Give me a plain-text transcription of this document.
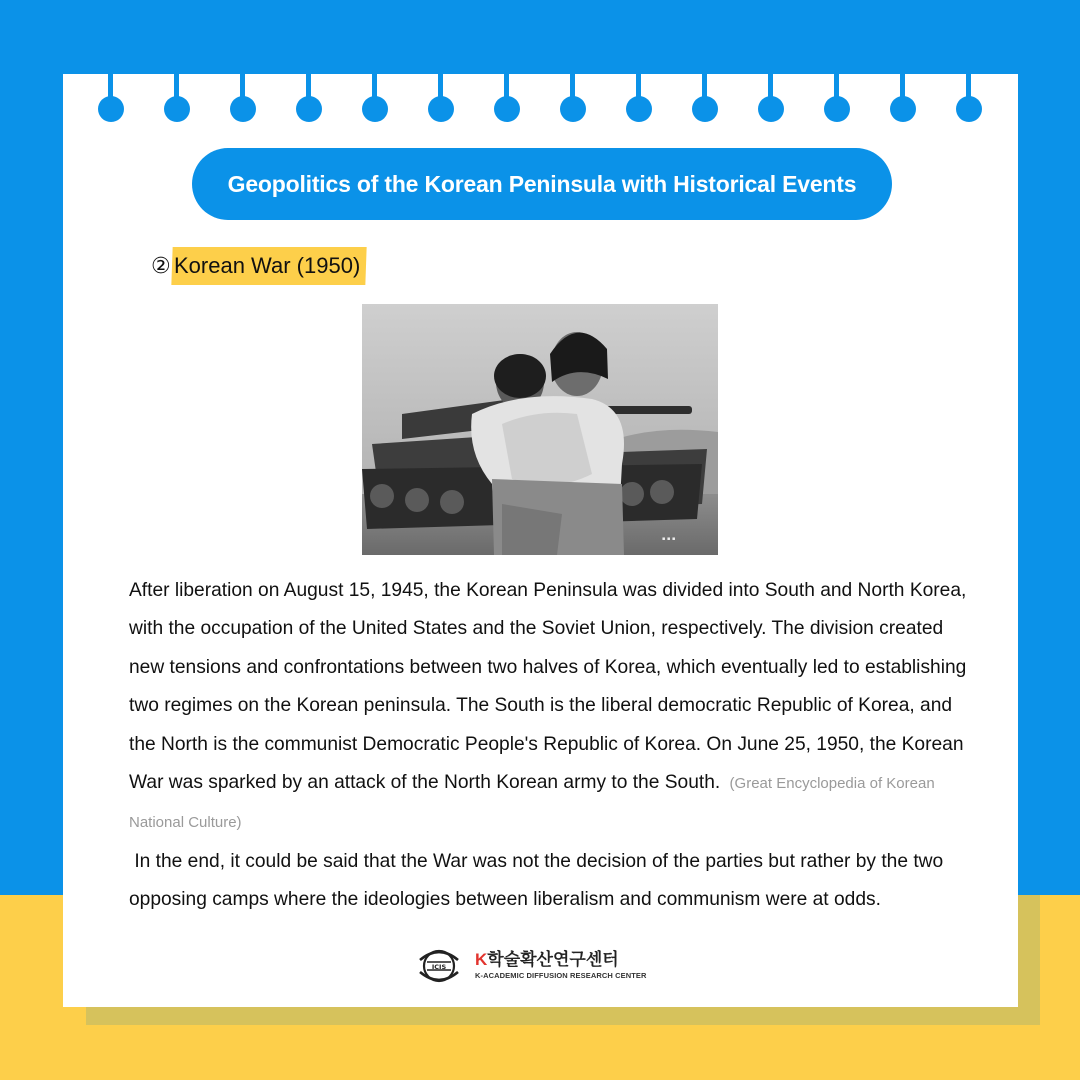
Geopolitics of the Korean Peninsula with Historical Events
② Korean War (1950)
▪ ▪ ▪

After liberation on August 15, 1945, the Korean Peninsula was divided into South and North Korea, with the occupation of the United States and the Soviet Union, respectively. The division created new tensions and confrontations between two halves of Korea, which eventually led to establishing two regimes on the Korean peninsula. The South is the liberal democratic Republic of Korea, and the North is the communist Democratic People's Republic of Korea. On June 25, 1950, the Korean War was sparked by an attack of the North Korean army to the South. (Great Encyclopedia of Korean National Culture)

In the end, it could be said that the War was not the decision of the parties but rather by the two opposing camps where the ideologies between liberalism and communism were at odds.

ICIS K학술확산연구센터
K-ACADEMIC DIFFUSION RESEARCH CENTER
